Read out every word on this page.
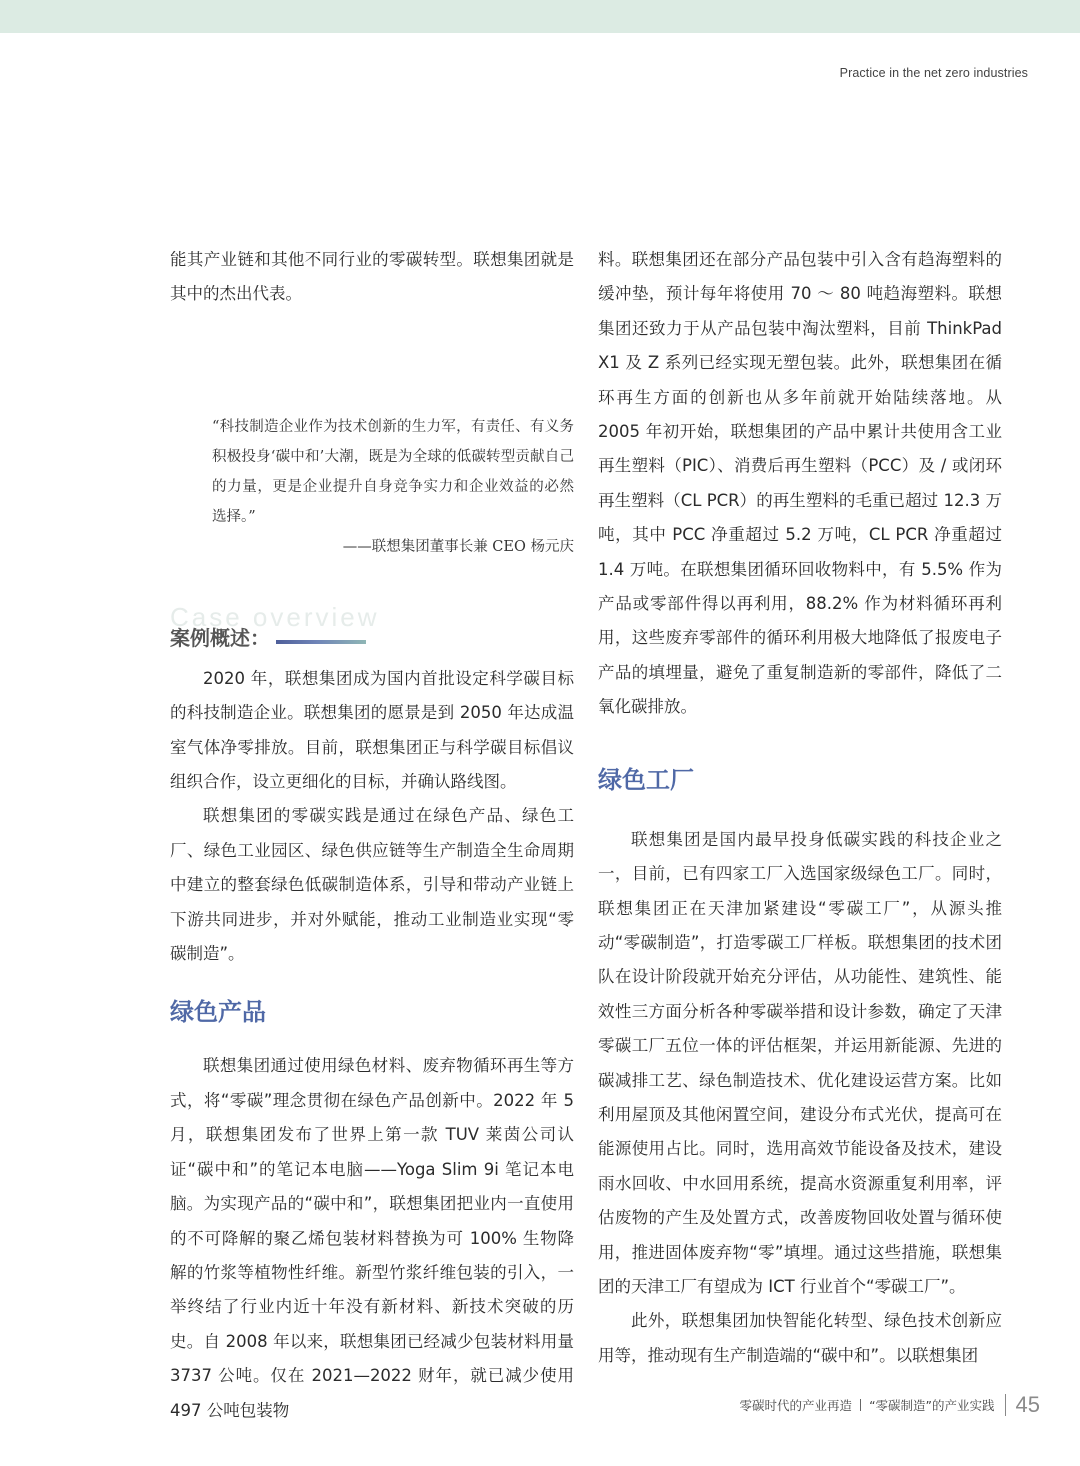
Practice in the net zero industries

能其产业链和其他不同行业的零碳转型。联想集团就是其中的杰出代表。

“科技制造企业作为技术创新的生力军，有责任、有义务积极投身‘碳中和’大潮，既是为全球的低碳转型贡献自己的力量，更是企业提升自身竞争实力和企业效益的必然选择。”
——联想集团董事长兼 CEO 杨元庆
Case overview
案例概述：

2020 年，联想集团成为国内首批设定科学碳目标的科技制造企业。联想集团的愿景是到 2050 年达成温室气体净零排放。目前，联想集团正与科学碳目标倡议组织合作，设立更细化的目标，并确认路线图。

联想集团的零碳实践是通过在绿色产品、绿色工厂、绿色工业园区、绿色供应链等生产制造全生命周期中建立的整套绿色低碳制造体系，引导和带动产业链上下游共同进步，并对外赋能，推动工业制造业实现“零碳制造”。

绿色产品

联想集团通过使用绿色材料、废弃物循环再生等方式，将“零碳”理念贯彻在绿色产品创新中。2022 年 5 月，联想集团发布了世界上第一款 TUV 莱茵公司认证“碳中和”的笔记本电脑——Yoga Slim 9i 笔记本电脑。为实现产品的“碳中和”，联想集团把业内一直使用的不可降解的聚乙烯包装材料替换为可 100% 生物降解的竹浆等植物性纤维。新型竹浆纤维包装的引入，一举终结了行业内近十年没有新材料、新技术突破的历史。自 2008 年以来，联想集团已经减少包装材料用量 3737 公吨。仅在 2021—2022 财年，就已减少使用 497 公吨包装物

料。联想集团还在部分产品包装中引入含有趋海塑料的缓冲垫，预计每年将使用 70 ～ 80 吨趋海塑料。联想集团还致力于从产品包装中淘汰塑料，目前 ThinkPad X1 及 Z 系列已经实现无塑包装。此外，联想集团在循环再生方面的创新也从多年前就开始陆续落地。从 2005 年初开始，联想集团的产品中累计共使用含工业再生塑料（PIC）、消费后再生塑料（PCC）及 / 或闭环再生塑料（CL PCR）的再生塑料的毛重已超过 12.3 万吨，其中 PCC 净重超过 5.2 万吨，CL PCR 净重超过 1.4 万吨。在联想集团循环回收物料中，有 5.5% 作为产品或零部件得以再利用，88.2% 作为材料循环再利用，这些废弃零部件的循环利用极大地降低了报废电子产品的填埋量，避免了重复制造新的零部件，降低了二氧化碳排放。

绿色工厂

联想集团是国内最早投身低碳实践的科技企业之一，目前，已有四家工厂入选国家级绿色工厂。同时，联想集团正在天津加紧建设“零碳工厂”，从源头推动“零碳制造”，打造零碳工厂样板。联想集团的技术团队在设计阶段就开始充分评估，从功能性、建筑性、能效性三方面分析各种零碳举措和设计参数，确定了天津零碳工厂五位一体的评估框架，并运用新能源、先进的碳减排工艺、绿色制造技术、优化建设运营方案。比如利用屋顶及其他闲置空间，建设分布式光伏，提高可在能源使用占比。同时，选用高效节能设备及技术，建设雨水回收、中水回用系统，提高水资源重复利用率，评估废物的产生及处置方式，改善废物回收处置与循环使用，推进固体废弃物“零”填埋。通过这些措施，联想集团的天津工厂有望成为 ICT 行业首个“零碳工厂”。

此外，联想集团加快智能化转型、绿色技术创新应用等，推动现有生产制造端的“碳中和”。以联想集团

零碳时代的产业再造 “零碳制造”的产业实践 45
